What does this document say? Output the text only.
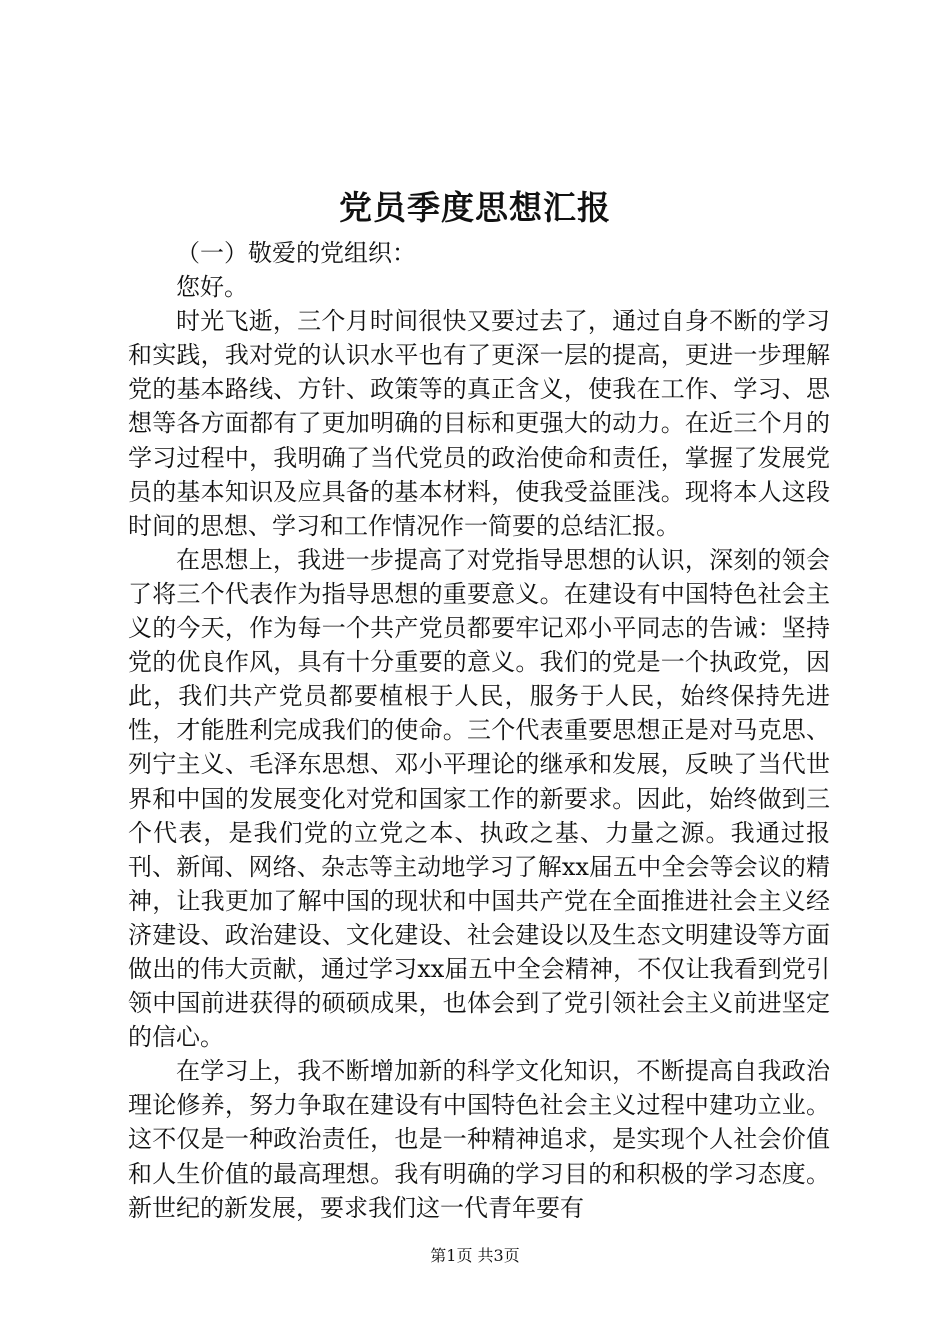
党员季度思想汇报

（一）敬爱的党组织：

您好。

时光飞逝，三个月时间很快又要过去了，通过自身不断的学习和实践，我对党的认识水平也有了更深一层的提高，更进一步理解党的基本路线、方针、政策等的真正含义，使我在工作、学习、思想等各方面都有了更加明确的目标和更强大的动力。在近三个月的学习过程中，我明确了当代党员的政治使命和责任，掌握了发展党员的基本知识及应具备的基本材料，使我受益匪浅。现将本人这段时间的思想、学习和工作情况作一简要的总结汇报。

在思想上，我进一步提高了对党指导思想的认识，深刻的领会了将三个代表作为指导思想的重要意义。在建设有中国特色社会主义的今天，作为每一个共产党员都要牢记邓小平同志的告诫：坚持党的优良作风，具有十分重要的意义。我们的党是一个执政党，因此，我们共产党员都要植根于人民，服务于人民，始终保持先进性，才能胜利完成我们的使命。三个代表重要思想正是对马克思、列宁主义、毛泽东思想、邓小平理论的继承和发展，反映了当代世界和中国的发展变化对党和国家工作的新要求。因此，始终做到三个代表，是我们党的立党之本、执政之基、力量之源。我通过报刊、新闻、网络、杂志等主动地学习了解xx届五中全会等会议的精神，让我更加了解中国的现状和中国共产党在全面推进社会主义经济建设、政治建设、文化建设、社会建设以及生态文明建设等方面做出的伟大贡献，通过学习xx届五中全会精神，不仅让我看到党引领中国前进获得的硕硕成果，也体会到了党引领社会主义前进坚定的信心。

在学习上，我不断增加新的科学文化知识，不断提高自我政治理论修养，努力争取在建设有中国特色社会主义过程中建功立业。这不仅是一种政治责任，也是一种精神追求，是实现个人社会价值和人生价值的最高理想。我有明确的学习目的和积极的学习态度。新世纪的新发展，要求我们这一代青年要有

第1页 共3页
